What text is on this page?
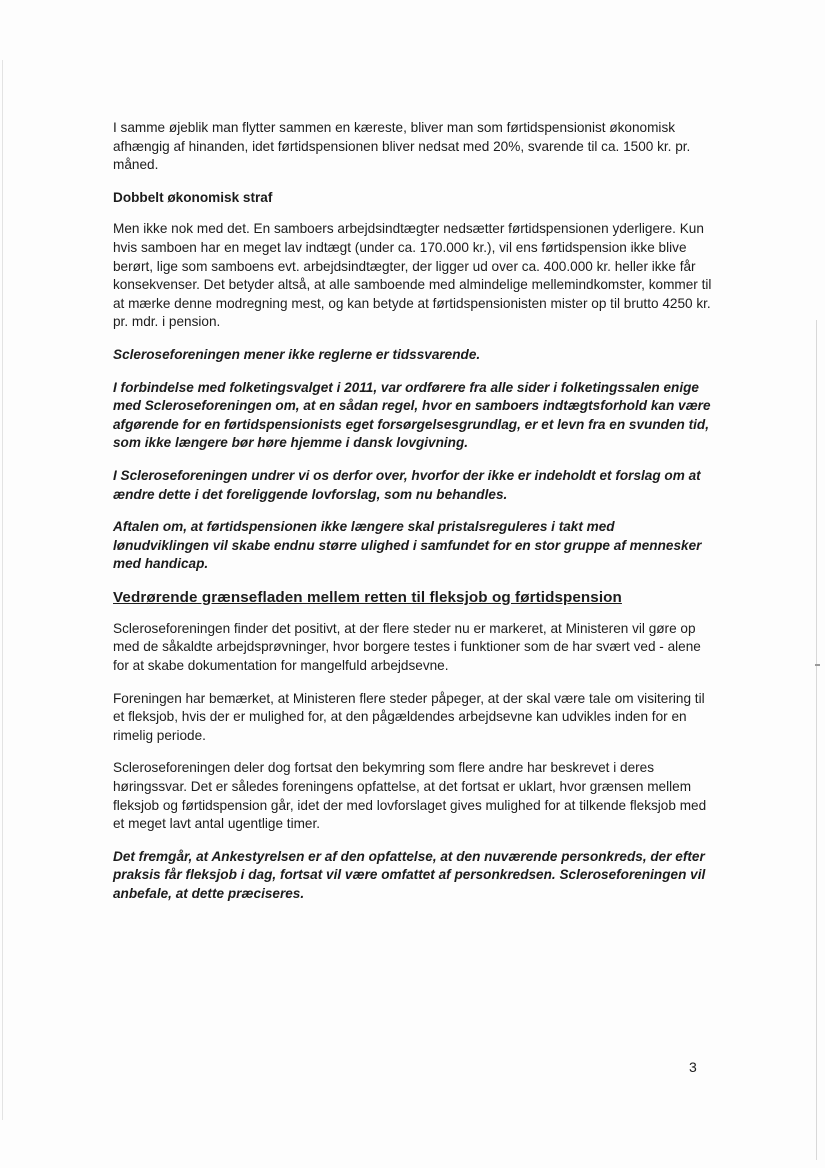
I samme øjeblik man flytter sammen en kæreste, bliver man som førtidspensionist økonomisk afhængig af hinanden, idet førtidspensionen bliver nedsat med 20%, svarende til ca. 1500 kr. pr. måned.

Dobbelt økonomisk straf

Men ikke nok med det. En samboers arbejdsindtægter nedsætter førtidspensionen yderligere. Kun hvis samboen har en meget lav indtægt (under ca. 170.000 kr.), vil ens førtidspension ikke blive berørt, lige som samboens evt. arbejdsindtægter, der ligger ud over ca. 400.000 kr. heller ikke får konsekvenser. Det betyder altså, at alle samboende med almindelige mellemindkomster, kommer til at mærke denne modregning mest, og kan betyde at førtidspensionisten mister op til brutto 4250 kr. pr. mdr. i pension.

Scleroseforeningen mener ikke reglerne er tidssvarende.

I forbindelse med folketingsvalget i 2011, var ordførere fra alle sider i folketingssalen enige med Scleroseforeningen om, at en sådan regel, hvor en samboers indtægtsforhold kan være afgørende for en førtidspensionists eget forsørgelsesgrundlag, er et levn fra en svunden tid, som ikke længere bør høre hjemme i dansk lovgivning.

I Scleroseforeningen undrer vi os derfor over, hvorfor der ikke er indeholdt et forslag om at ændre dette i det foreliggende lovforslag, som nu behandles.

Aftalen om, at førtidspensionen ikke længere skal pristalsreguleres i takt med lønudviklingen vil skabe endnu større ulighed i samfundet for en stor gruppe af mennesker med handicap.

Vedrørende grænsefladen mellem retten til fleksjob og førtidspension

Scleroseforeningen finder det positivt, at der flere steder nu er markeret, at Ministeren vil gøre op med de såkaldte arbejdsprøvninger, hvor borgere testes i funktioner som de har svært ved - alene for at skabe dokumentation for mangelfuld arbejdsevne.

Foreningen har bemærket, at Ministeren flere steder påpeger, at der skal være tale om visitering til et fleksjob, hvis der er mulighed for, at den pågældendes arbejdsevne kan udvikles inden for en rimelig periode.

Scleroseforeningen deler dog fortsat den bekymring som flere andre har beskrevet i deres høringssvar. Det er således foreningens opfattelse, at det fortsat er uklart, hvor grænsen mellem fleksjob og førtidspension går, idet der med lovforslaget gives mulighed for at tilkende fleksjob med et meget lavt antal ugentlige timer.

Det fremgår, at Ankestyrelsen er af den opfattelse, at den nuværende personkreds, der efter praksis får fleksjob i dag, fortsat vil være omfattet af personkredsen. Scleroseforeningen vil anbefale, at dette præciseres.

3
